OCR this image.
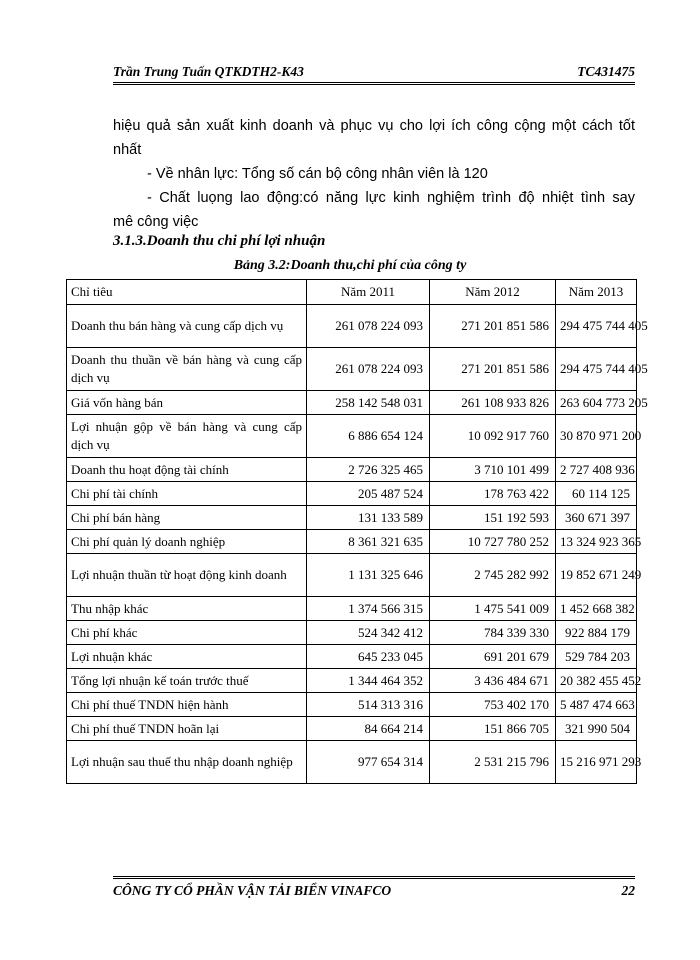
Trần Trung Tuấn QTKDTH2-K43	TC431475
hiệu quả sản xuất kinh doanh và phục vụ cho lợi ích công cộng một cách tốt
nhất
- Về nhân lực: Tổng số cán bộ công nhân viên là 120
- Chất luọng lao động:có năng lực kinh nghiệm trình độ nhiệt tình say
mê công việc
3.1.3.Doanh thu chi phí lợi nhuận
Bảng 3.2:Doanh thu,chi phí của công ty
Chỉ tiêu	Năm 2011	Năm 2012	Năm 2013
Doanh thu bán hàng và cung cấp dịch vụ	261 078 224 093	271 201 851 586	294 475 744 405
Doanh thu thuần về bán hàng và cung cấp dịch vụ	261 078 224 093	271 201 851 586	294 475 744 405
Giá vốn hàng bán	258 142 548 031	261 108 933 826	263 604 773 205
Lợi nhuận gộp về bán hàng và cung cấp dịch vụ	6 886 654 124	10 092 917 760	30 870 971 200
Doanh thu hoạt động tài chính	2 726 325 465	3 710 101 499	2 727 408 936
Chi phí tài chính	205 487 524	178 763 422	60 114 125
Chi phí bán hàng	131 133 589	151 192 593	360 671 397
Chi phí quản lý doanh nghiệp	8 361 321 635	10 727 780 252	13 324 923 365
Lợi nhuận thuần từ hoạt động kinh doanh	1 131 325 646	2 745 282 992	19 852 671 249
Thu nhập khác	1 374 566 315	1 475 541 009	1 452 668 382
Chi phí khác	524 342 412	784 339 330	922 884 179
Lợi nhuận khác	645 233 045	691 201 679	529 784 203
Tổng lợi nhuận kế toán trước thuế	1 344 464 352	3 436 484 671	20 382 455 452
Chi phí thuế TNDN hiện hành	514 313 316	753 402 170	5 487 474 663
Chi phí thuế TNDN hoãn lại	84 664 214	151 866 705	321 990 504
Lợi nhuận sau thuế thu nhập doanh nghiệp	977 654 314	2 531 215 796	15 216 971 293
CÔNG TY CỔ PHẦN VẬN TẢI BIỂN VINAFCO	22
